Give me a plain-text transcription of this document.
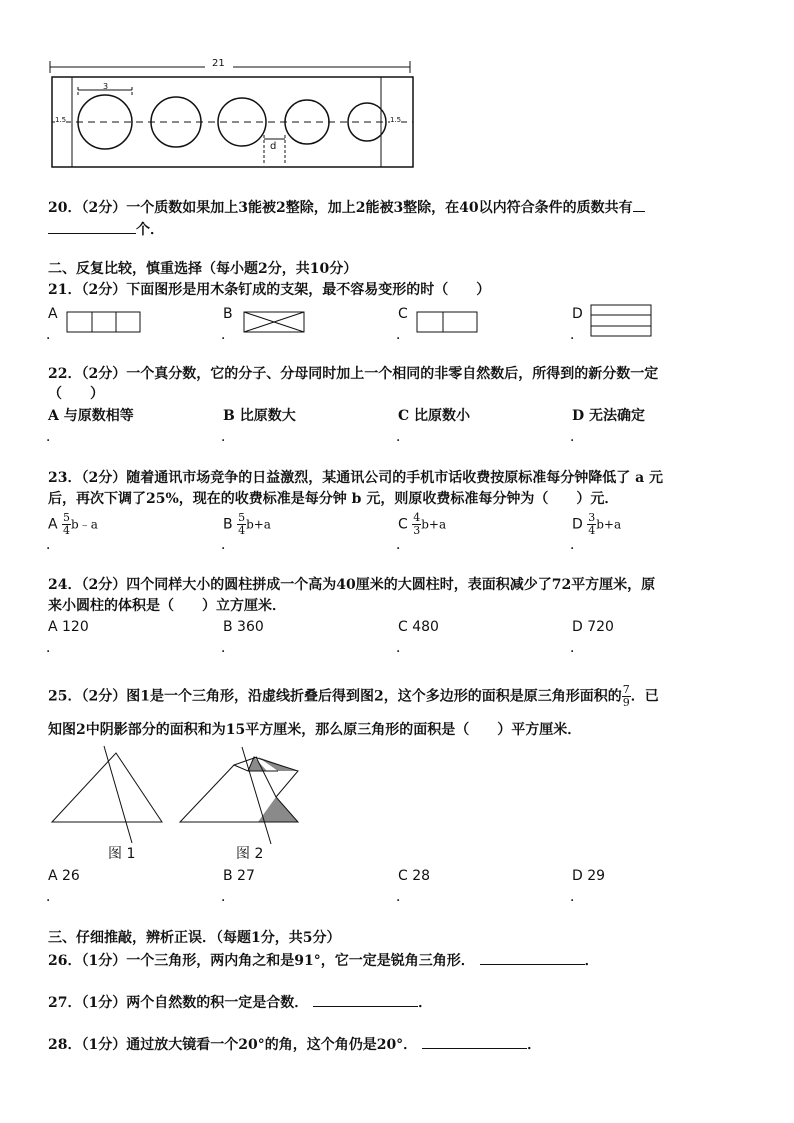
21
3
d
1.5	1.5
20．（2分）一个质数如果加上3能被2整除，加上2能被3整除，在40以内符合条件的质数共有
个．
二、反复比较，慎重选择（每小题2分，共10分）
21．（2分）下面图形是用木条钉成的支架，最不容易变形的时（　　）
A	B	C	D
．	．	．	．
22．（2分）一个真分数，它的分子、分母同时加上一个相同的非零自然数后，所得到的新分数一定
（　　）
A 与原数相等	B 比原数大	C 比原数小	D 无法确定
．	．	．	．
23．（2分）随着通讯市场竞争的日益激烈，某通讯公司的手机市话收费按原标准每分钟降低了 a 元
后，再次下调了25%，现在的收费标准是每分钟 b 元，则原收费标准每分钟为（　　）元．
A $\frac{5}{4}$ b﹣a	B $\frac{5}{4} b+a$	C $\frac{4}{3} b+a$	D $\frac{3}{4} b+a$
．	．	．	．
24．（2分）四个同样大小的圆柱拼成一个高为40厘米的大圆柱时，表面积减少了72平方厘米，原
来小圆柱的体积是（　　）立方厘米．
A 120	B 360	C 480	D 720
．	．	．	．
25．（2分）图1是一个三角形，沿虚线折叠后得到图2，这个多边形的面积是原三角形面积的 $\frac{7}{9}$ ．已
知图2中阴影部分的面积和为15平方厘米，那么原三角形的面积是（　　）平方厘米．
图 1	图 2
A 26	B 27	C 28	D 29
．	．	．	．
三、仔细推敲，辨析正误．（每题1分，共5分）
26．（1分）一个三角形，两内角之和是91°，它一定是锐角三角形．	．
27．（1分）两个自然数的积一定是合数．	．
28．（1分）通过放大镜看一个20°的角，这个角仍是20°．	．
